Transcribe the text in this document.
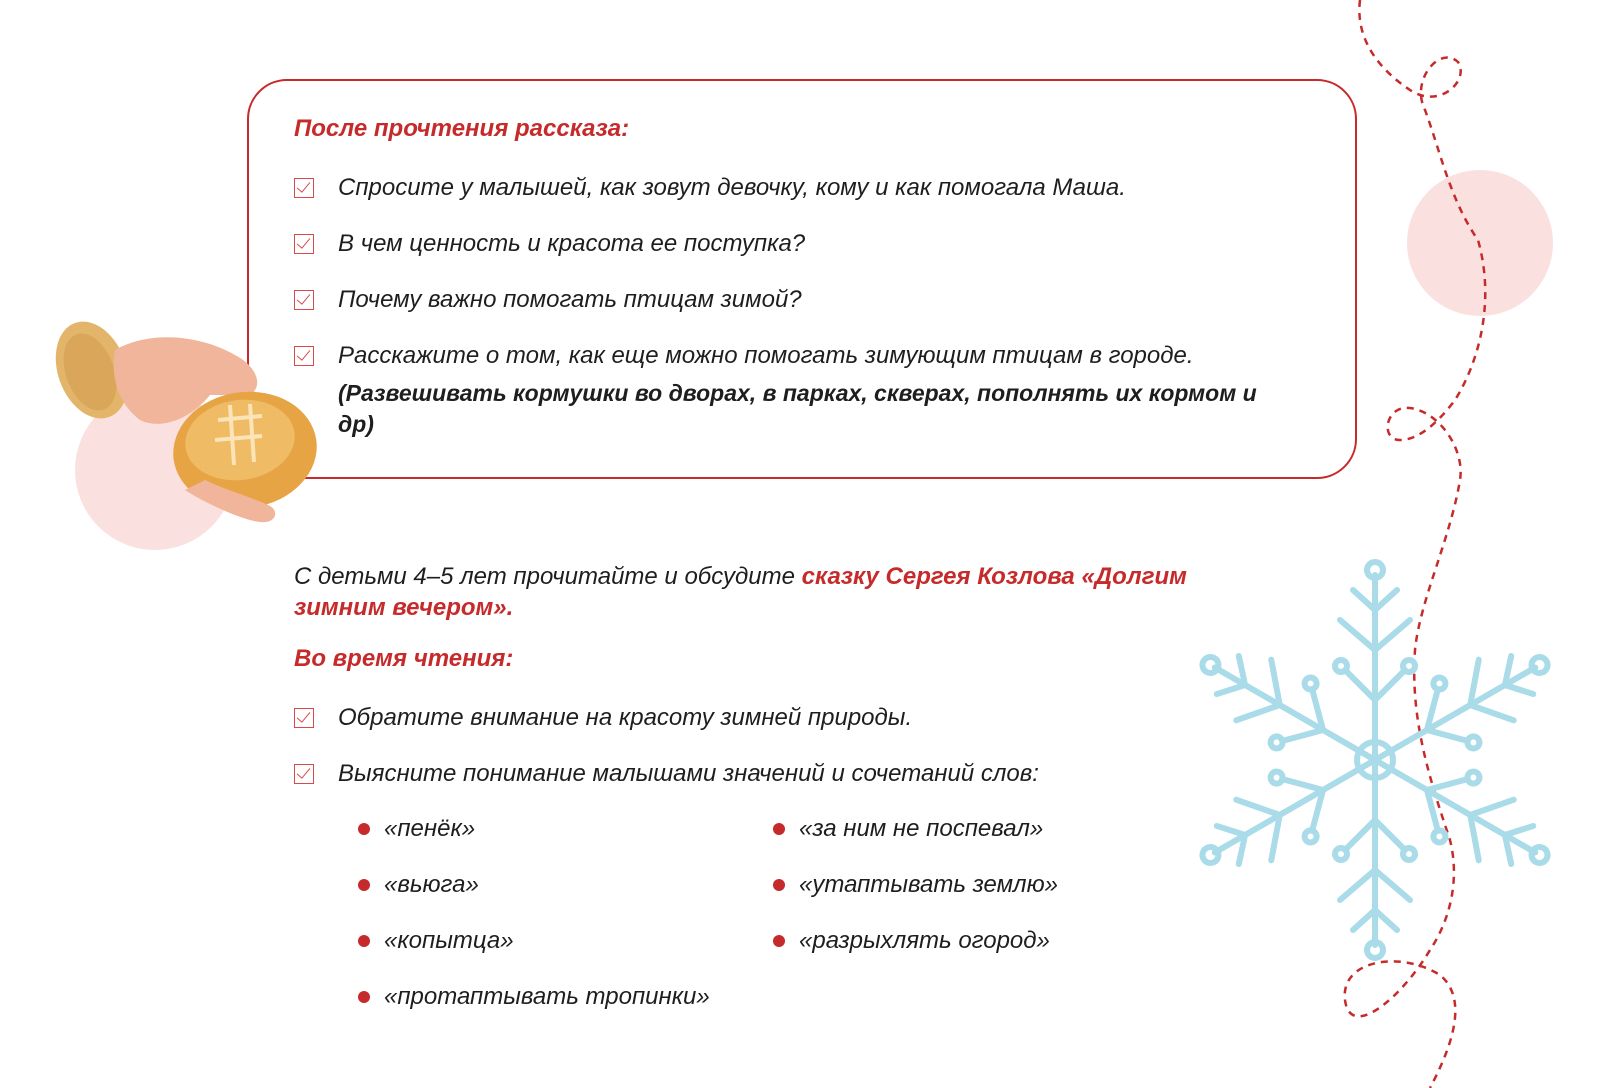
После прочтения рассказа:
Спросите у малышей, как зовут девочку, кому и как помогала Маша.
В чем ценность и красота ее поступка?
Почему важно помогать птицам зимой?
Расскажите о том, как еще можно помогать зимующим птицам в городе.
(Развешивать кормушки во дворах, в парках, скверах, пополнять их кормом и др)
С детьми 4–5 лет прочитайте и обсудите сказку Сергея Козлова «Долгим зимним вечером».
Во время чтения:
Обратите внимание на красоту зимней природы.
Выясните понимание малышами значений и сочетаний слов:
«пенёк»
«вьюга»
«копытца»
«протаптывать тропинки»
«за ним не поспевал»
«утаптывать землю»
«разрыхлять огород»
